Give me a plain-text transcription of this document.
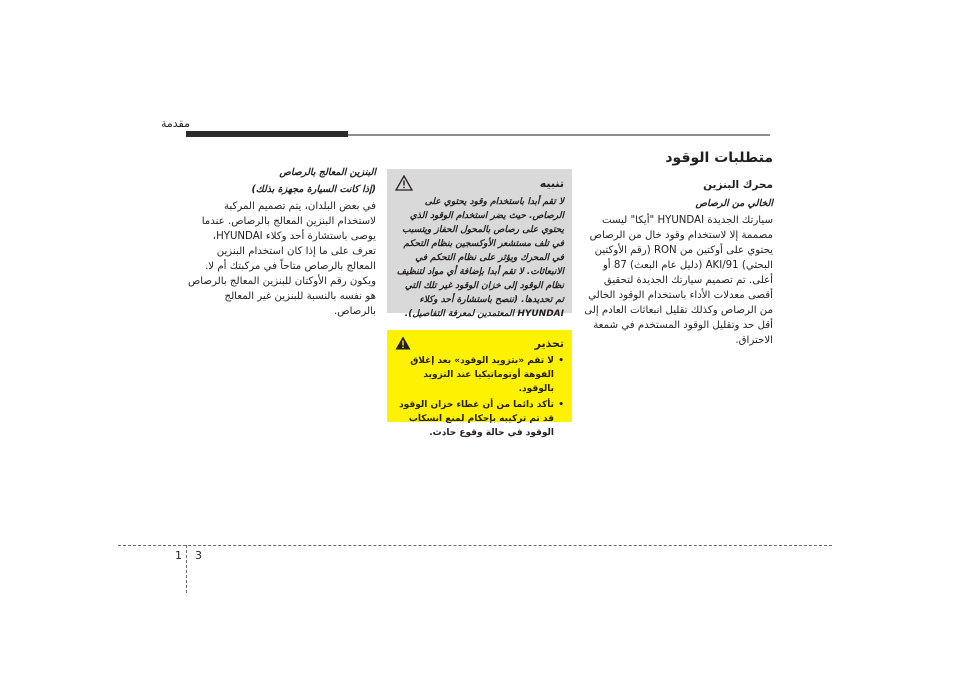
مقدمة
متطلبات الوقود
محرك البنزين
الخالي من الرصاص

سيارتك الجديدة HYUNDAI "أيكا" ليست مصممة إلا لاستخدام وقود خال من الرصاص يحتوي على أوكتين من RON (رقم الأوكتين البحثي) AKI/91 (دليل عام البعث) 87 أو أعلى. تم تصميم سيارتك الجديدة لتحقيق أقصى معدلات الأداء باستخدام الوقود الخالي من الرصاص وكذلك تقليل انبعاثات العادم إلى أقل حد وتقليل الوقود المستخدم في شمعة الاحتراق.

تنبيه
لا تقم أبدا باستخدام وقود يحتوي على الرصاص. حيث يضر استخدام الوقود الذي يحتوي على رصاص بالمحول الحفاز ويتسبب في تلف مستشعر الأوكسجين بنظام التحكم في المحرك ويؤثر على نظام التحكم في الانبعاثات. لا تقم أبدا بإضافة أي مواد لتنظيف نظام الوقود إلى خزان الوقود غير تلك التي تم تحديدها. (ننصح باستشارة أحد وكلاء HYUNDAI المعتمدين لمعرفة التفاصيل).
تحذير
• لا تقم «بتزويد الوقود» بعد إغلاق الفوهة أوتوماتيكيا عند التزويد بالوقود.
• تأكد دائما من أن غطاء خزان الوقود قد تم تركيبه بإحكام لمنع انسكاب الوقود في حالة وقوع حادث.
البنزين المعالج بالرصاص
(إذا كانت السيارة مجهزة بذلك)

في بعض البلدان، يتم تصميم المركبة لاستخدام البنزين المعالج بالرصاص. عندما يوصى باستشارة أحد وكلاء HYUNDAI، تعرف على ما إذا كان استخدام البنزين المعالج بالرصاص متاحاً في مركبتك أم لا. ويكون رقم الأوكتان للبنزين المعالج بالرصاص هو نفسه بالنسبة للبنزين غير المعالج بالرصاص.

1 3
